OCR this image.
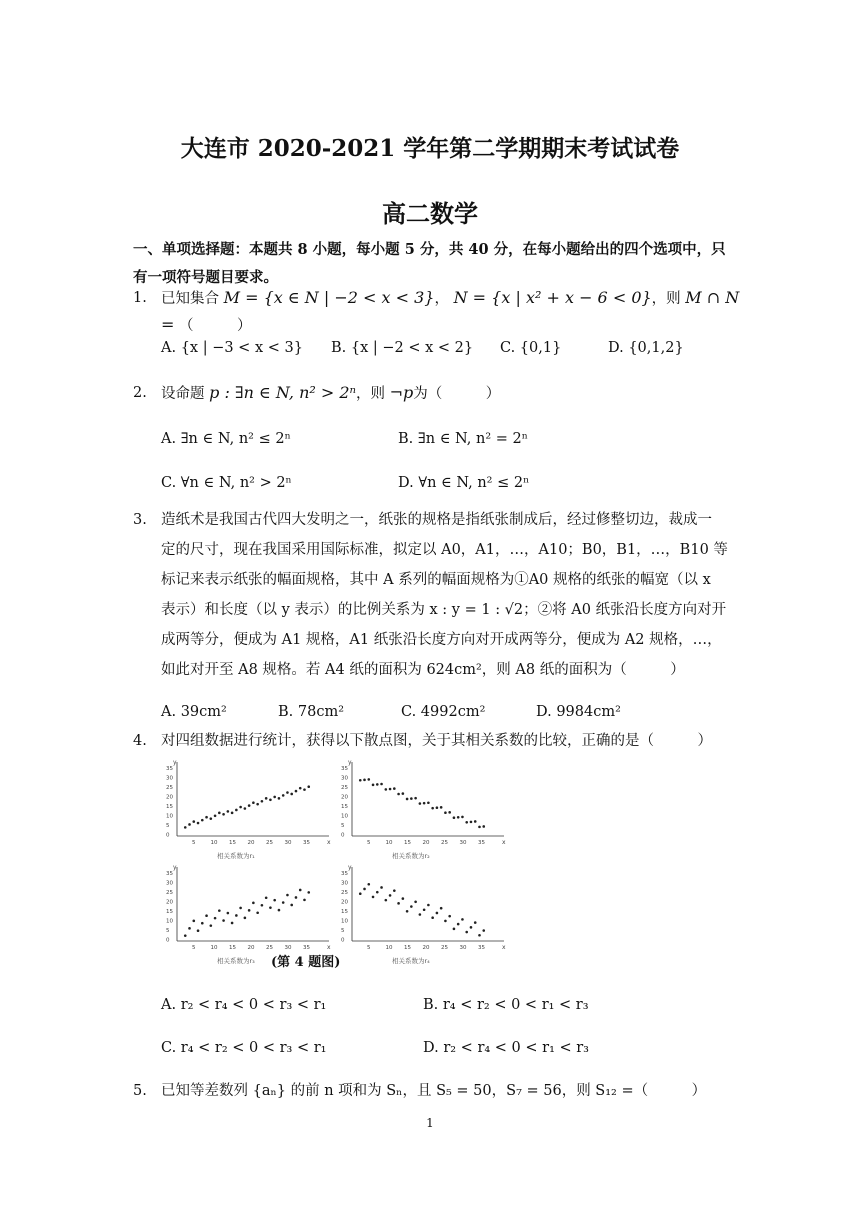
大连市 2020-2021 学年第二学期期末考试试卷
高二数学
一、单项选择题：本题共 8 小题，每小题 5 分，共 40 分，在每小题给出的四个选项中，只
有一项符号题目要求。
1. 已知集合 M = {x ∈ N | −2 < x < 3}， N = {x | x² + x − 6 < 0}，则 M ∩ N = （　　　）
A. {x | −3 < x < 3} B. {x | −2 < x < 2} C. {0,1}	D. {0,1,2}
2. 设命题 p : ∃n ∈ N, n² > 2ⁿ，则 ¬p为（　　　）
A. ∃n ∈ N, n² ≤ 2ⁿ	B. ∃n ∈ N, n² = 2ⁿ
C. ∀n ∈ N, n² > 2ⁿ	D. ∀n ∈ N, n² ≤ 2ⁿ
3. 造纸术是我国古代四大发明之一，纸张的规格是指纸张制成后，经过修整切边，裁成一
定的尺寸，现在我国采用国际标准，拟定以 A0，A1，…，A10；B0，B1，…，B10 等
标记来表示纸张的幅面规格，其中 A 系列的幅面规格为①A0 规格的纸张的幅宽（以 x
表示）和长度（以 y 表示）的比例关系为 x : y = 1 : √2；②将 A0 纸张沿长度方向对开
成两等分，便成为 A1 规格，A1 纸张沿长度方向对开成两等分，便成为 A2 规格，…，
如此对开至 A8 规格。若 A4 纸的面积为 624cm²，则 A8 纸的面积为（　　　）
A. 39cm²	B. 78cm²	C. 4992cm²	D. 9984cm²
4. 对四组数据进行统计，获得以下散点图，关于其相关系数的比较，正确的是（　　　）
y
x
35
30
25
20
15
10
5
0
5	10 15 20 25 30 35
相关系数为r₁
y
x
35
30
25
20
15
10
5
0
5	10 15 20 25 30 35
相关系数为r₂
y
x
35
30
25
20
15
10
5
0
5	10 15 20 25 30 35
相关系数为r₃
y
x
35
30
25
20
15
10
5
0
5	10 15 20 25 30 35
相关系数为r₄
(第 4 题图)
A. r₂ < r₄ < 0 < r₃ < r₁	B. r₄ < r₂ < 0 < r₁ < r₃
C. r₄ < r₂ < 0 < r₃ < r₁	D. r₂ < r₄ < 0 < r₁ < r₃
5. 已知等差数列 {aₙ} 的前 n 项和为 Sₙ，且 S₅ = 50，S₇ = 56，则 S₁₂ =（　　　）
1
